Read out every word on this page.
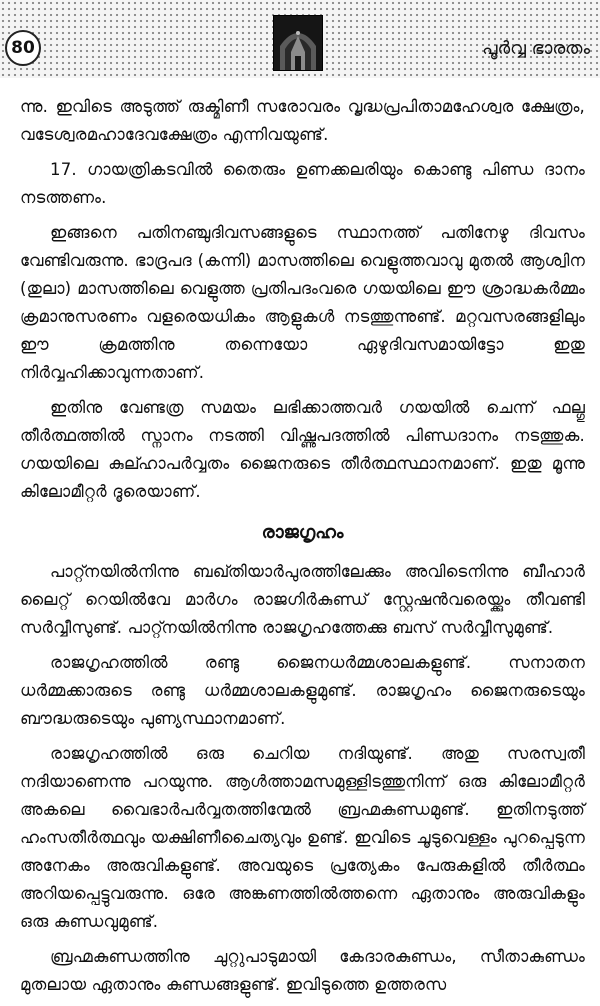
80	പൂർവ്വ ഭാരതം

ന്നു. ഇവിടെ അടുത്ത് രുക്മിണീ സരോവരം വൃദ്ധപ്രപിതാമഹേശ്വര ക്ഷേത്രം, വടേശ്വരമഹാദേവക്ഷേത്രം എന്നിവയുണ്ട്.

17. ഗായത്രികടവിൽ തൈരും ഉണക്കലരിയും കൊണ്ടു പിണ്ഡ ദാനം നടത്തണം.

ഇങ്ങനെ പതിനഞ്ചുദിവസങ്ങളുടെ സ്ഥാനത്ത് പതിനേഴു ദിവസം വേണ്ടിവരുന്നു. ഭാദ്രപദ (കന്നി) മാസത്തിലെ വെളുത്തവാവു മുതൽ ആശ്വിന (തുലാ) മാസത്തിലെ വെളുത്ത പ്രതിപദംവരെ ഗയയിലെ ഈ ശ്രാദ്ധകർമ്മം ക്രമാനുസരണം വളരെയധികം ആളുകൾ നടത്തുന്നുണ്ട്. മറ്റവസരങ്ങളിലും ഈ ക്രമത്തിനു തന്നെയോ ഏഴുദിവസമായിട്ടോ ഇതു നിർവ്വഹിക്കാവുന്നതാണ്.

ഇതിനു വേണ്ടത്ര സമയം ലഭിക്കാത്തവർ ഗയയിൽ ചെന്ന് ഫല്ഗു തീർത്ഥത്തിൽ സ്നാനം നടത്തി വിഷ്ണുപദത്തിൽ പിണ്ഡദാനം നടത്തുക. ഗയയിലെ കുല്ഹാപർവ്വതം ജൈനരുടെ തീർത്ഥസ്ഥാനമാണ്. ഇതു മൂന്നു കിലോമീറ്റർ ദൂരെയാണ്.

രാജഗൃഹം

പാറ്റ്നയിൽനിന്നു ബഖ്തിയാർപുരത്തിലേക്കും അവിടെനിന്നു ബീഹാർ ലൈറ്റ് റെയിൽവേ മാർഗം രാജഗിർകുണ്ഡ് സ്റ്റേഷൻവരെയ്ക്കും തീവണ്ടി സർവ്വീസുണ്ട്. പാറ്റ്നയിൽനിന്നു രാജഗൃഹത്തേക്കു ബസ് സർവ്വീസുമുണ്ട്.

രാജഗൃഹത്തിൽ രണ്ടു ജൈനധർമ്മശാലകളുണ്ട്. സനാതന ധർമ്മക്കാരുടെ രണ്ടു ധർമ്മശാലകളുമുണ്ട്. രാജഗൃഹം ജൈനരുടെയും ബൗദ്ധരുടെയും പുണ്യസ്ഥാനമാണ്.

രാജഗൃഹത്തിൽ ഒരു ചെറിയ നദിയുണ്ട്. അതു സരസ്വതീ നദിയാണെന്നു പറയുന്നു. ആൾത്താമസമുള്ളിടത്തുനിന്ന് ഒരു കിലോമീറ്റർ അകലെ വൈഭാർപർവ്വതത്തിന്മേൽ ബ്രഹ്മകുണ്ഡമുണ്ട്. ഇതിനടുത്ത് ഹംസതീർത്ഥവും യക്ഷിണീചൈത്യവും ഉണ്ട്. ഇവിടെ ചൂടുവെള്ളം പുറപ്പെടുന്ന അനേകം അരുവികളുണ്ട്. അവയുടെ പ്രത്യേകം പേരുകളിൽ തീർത്ഥം അറിയപ്പെട്ടുവരുന്നു. ഒരേ അങ്കണത്തിൽത്തന്നെ ഏതാനും അരുവികളും ഒരു കുണ്ഡവുമുണ്ട്.

ബ്രഹ്മകുണ്ഡത്തിനു ചുറ്റുപാടുമായി കേദാരകുണ്ഡം, സീതാകുണ്ഡം മുതലായ ഏതാനും കുണ്ഡങ്ങളുണ്ട്. ഇവിടുത്തെ ഉത്തരസ
